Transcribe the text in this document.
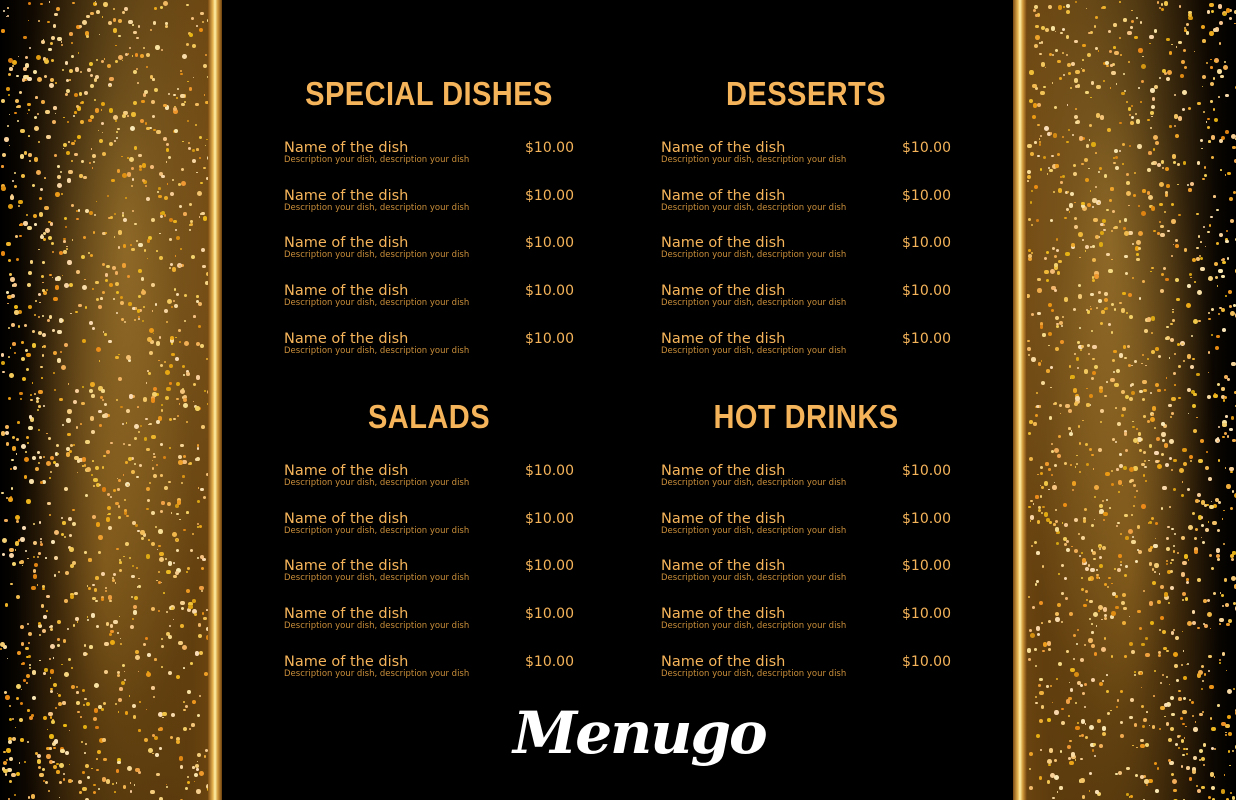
SPECIAL DISHES
Name of the dish
Description your dish, description your dish
$10.00
Name of the dish
Description your dish, description your dish
$10.00
Name of the dish
Description your dish, description your dish
$10.00
Name of the dish
Description your dish, description your dish
$10.00
Name of the dish
Description your dish, description your dish
$10.00
DESSERTS
Name of the dish
Description your dish, description your dish
$10.00
Name of the dish
Description your dish, description your dish
$10.00
Name of the dish
Description your dish, description your dish
$10.00
Name of the dish
Description your dish, description your dish
$10.00
Name of the dish
Description your dish, description your dish
$10.00
SALADS
Name of the dish
Description your dish, description your dish
$10.00
Name of the dish
Description your dish, description your dish
$10.00
Name of the dish
Description your dish, description your dish
$10.00
Name of the dish
Description your dish, description your dish
$10.00
Name of the dish
Description your dish, description your dish
$10.00
HOT DRINKS
Name of the dish
Description your dish, description your dish
$10.00
Name of the dish
Description your dish, description your dish
$10.00
Name of the dish
Description your dish, description your dish
$10.00
Name of the dish
Description your dish, description your dish
$10.00
Name of the dish
Description your dish, description your dish
$10.00
Menugo
